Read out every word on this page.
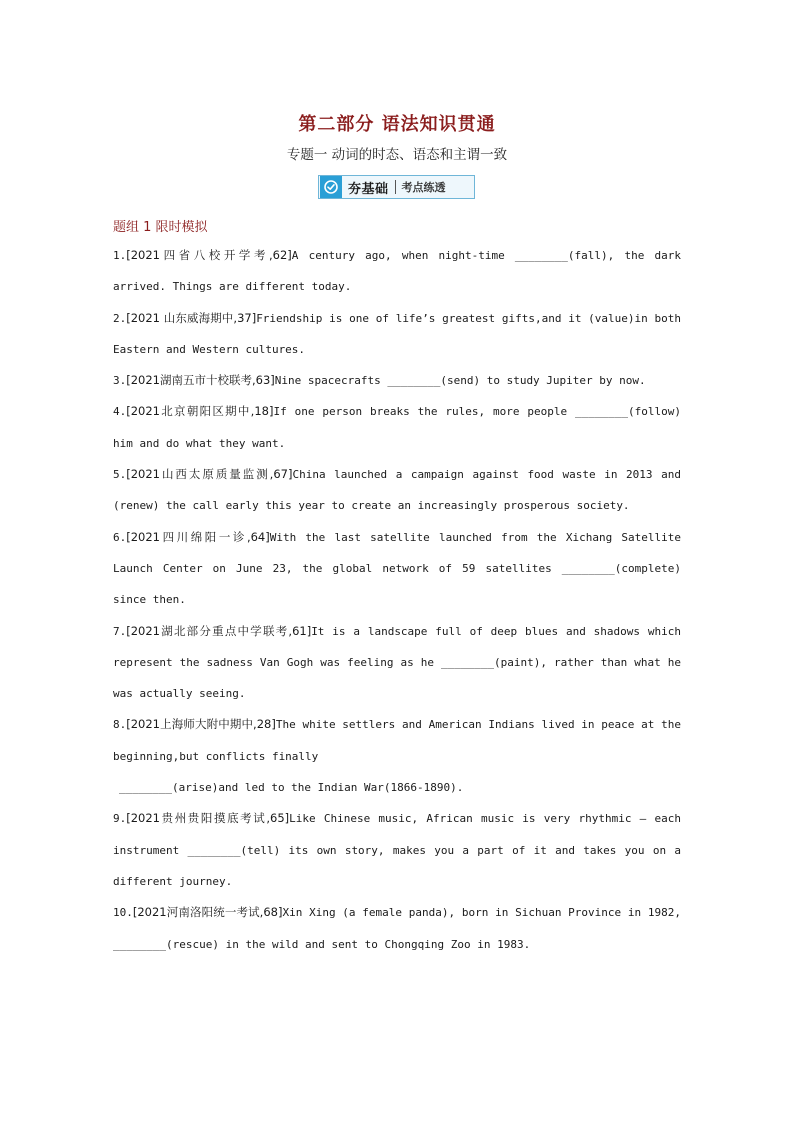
第二部分 语法知识贯通
专题一 动词的时态、语态和主谓一致
夯基础 考点练透
题组 1 限时模拟
1.[2021四省八校开学考,62]A century ago, when night-time ________(fall), the dark arrived. Things are different today.
2.[2021 山东威海期中,37]Friendship is one of life’s greatest gifts,and it (value)in both Eastern and Western cultures.
3.[2021湖南五市十校联考,63]Nine spacecrafts ________(send) to study Jupiter by now.
4.[2021北京朝阳区期中,18]If one person breaks the rules, more people ________(follow) him and do what they want.
5.[2021山西太原质量监测,67]China launched a campaign against food waste in 2013 and (renew) the call early this year to create an increasingly prosperous society.
6.[2021四川绵阳一诊,64]With the last satellite launched from the Xichang Satellite Launch Center on June 23, the global network of 59 satellites ________(complete) since then.
7.[2021湖北部分重点中学联考,61]It is a landscape full of deep blues and shadows which represent the sadness Van Gogh was feeling as he ________(paint), rather than what he was actually seeing.
8.[2021上海师大附中期中,28]The white settlers and American Indians lived in peace at the beginning,but conflicts finally
________(arise)and led to the Indian War(1866-1890).
9.[2021贵州贵阳摸底考试,65]Like Chinese music, African music is very rhythmic — each instrument ________(tell) its own story, makes you a part of it and takes you on a different journey.
10.[2021河南洛阳统一考试,68]Xin Xing (a female panda), born in Sichuan Province in 1982, ________(rescue) in the wild and sent to Chongqing Zoo in 1983.
